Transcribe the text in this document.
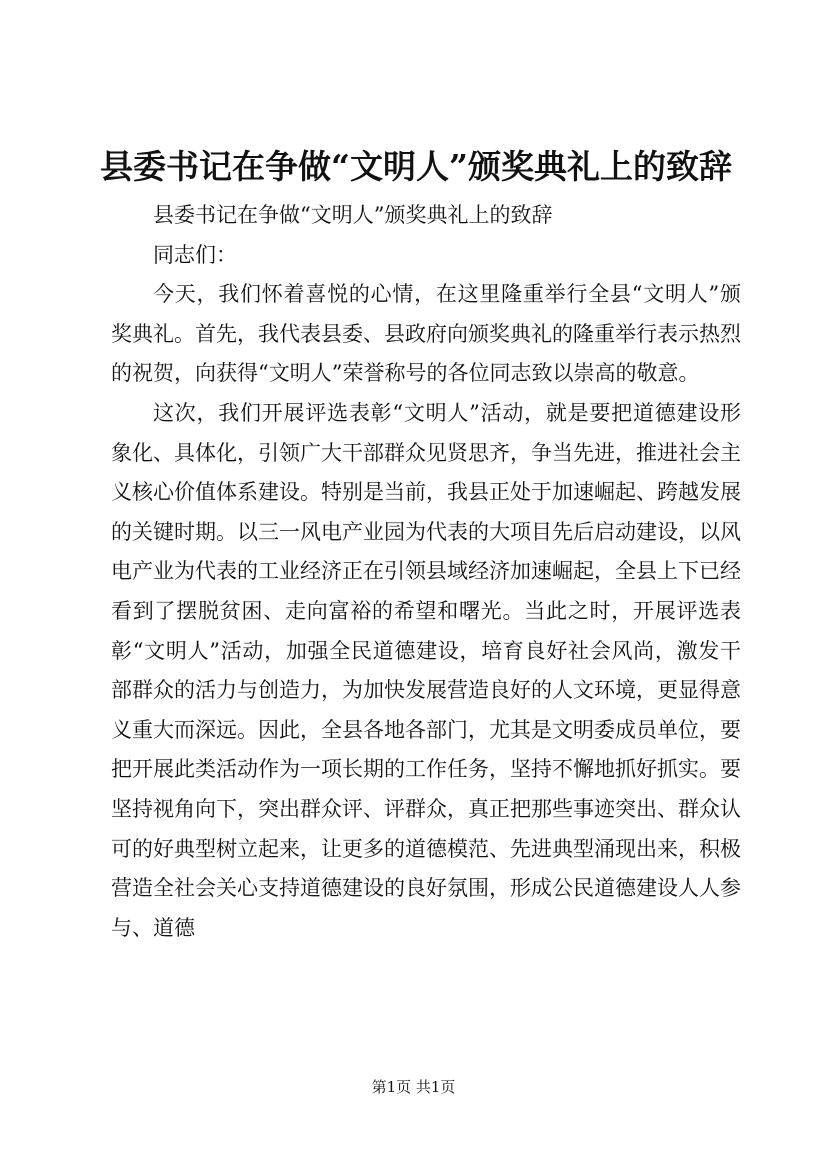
县委书记在争做“文明人”颁奖典礼上的致辞

县委书记在争做“文明人”颁奖典礼上的致辞

同志们：

今天，我们怀着喜悦的心情，在这里隆重举行全县“文明人”颁奖典礼。首先，我代表县委、县政府向颁奖典礼的隆重举行表示热烈的祝贺，向获得“文明人”荣誉称号的各位同志致以崇高的敬意。

这次，我们开展评选表彰“文明人”活动，就是要把道德建设形象化、具体化，引领广大干部群众见贤思齐，争当先进，推进社会主义核心价值体系建设。特别是当前，我县正处于加速崛起、跨越发展的关键时期。以三一风电产业园为代表的大项目先后启动建设，以风电产业为代表的工业经济正在引领县域经济加速崛起，全县上下已经看到了摆脱贫困、走向富裕的希望和曙光。当此之时，开展评选表彰“文明人”活动，加强全民道德建设，培育良好社会风尚，激发干部群众的活力与创造力，为加快发展营造良好的人文环境，更显得意义重大而深远。因此，全县各地各部门，尤其是文明委成员单位，要把开展此类活动作为一项长期的工作任务，坚持不懈地抓好抓实。要坚持视角向下，突出群众评、评群众，真正把那些事迹突出、群众认可的好典型树立起来，让更多的道德模范、先进典型涌现出来，积极营造全社会关心支持道德建设的良好氛围，形成公民道德建设人人参与、道德

第1页 共1页
